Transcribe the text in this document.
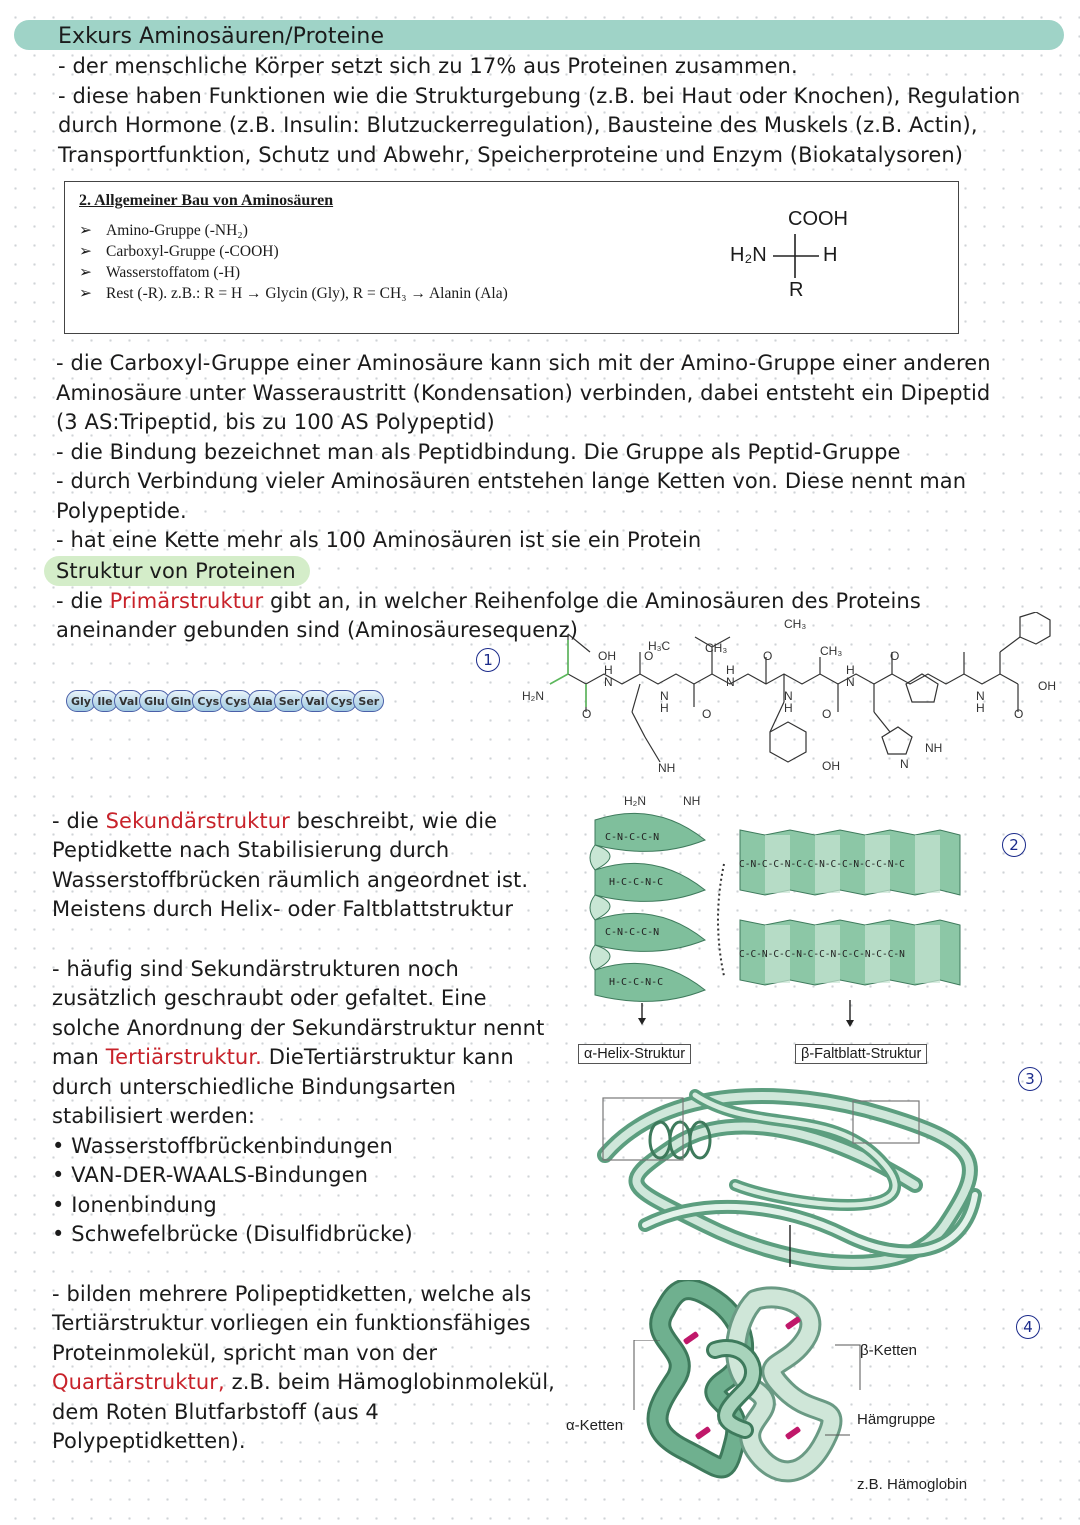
Exkurs Aminosäuren/Proteine
- der menschliche Körper setzt sich zu 17% aus Proteinen zusammen.
- diese haben Funktionen wie die Strukturgebung (z.B. bei Haut oder Knochen), Regulation
durch Hormone (z.B. Insulin: Blutzuckerregulation), Bausteine des Muskels (z.B. Actin),
Transportfunktion, Schutz und Abwehr, Speicherproteine und Enzym (Biokatalysoren)
2. Allgemeiner Bau von Aminosäuren
➢ Amino-Gruppe (-NH₂)
➢ Carboxyl-Gruppe (-COOH)
➢ Wasserstoffatom (-H)
➢ Rest (-R). z.B.: R = H → Glycin (Gly), R = CH₃ → Alanin (Ala)
COOH
H₂N	H
R
- die Carboxyl-Gruppe einer Aminosäure kann sich mit der Amino-Gruppe einer anderen
Aminosäure unter Wasseraustritt (Kondensation) verbinden, dabei entsteht ein Dipeptid
(3 AS:Tripeptid, bis zu 100 AS Polypeptid)
- die Bindung bezeichnet man als Peptidbindung. Die Gruppe als Peptid-Gruppe
- durch Verbindung vieler Aminosäuren entstehen lange Ketten von. Diese nennt man
Polypeptide.
- hat eine Kette mehr als 100 Aminosäuren ist sie ein Protein
Struktur von Proteinen
- die Primärstruktur gibt an, in welcher Reihenfolge die Aminosäuren des Proteins
aneinander gebunden sind (Aminosäuresequenz)
1
Gly Ile Val Glu Gln Cys Cys Ala Ser Val Cys Ser	H₂N
OH
H₃C	CH₃
CH₃
CH₃
OH
NH
H₂N	NH
OH
NH
N
O
O
O
O
O
O
O
H
H
H
H
H
H
N
N
N
N
N
N
- die Sekundärstruktur beschreibt, wie die
Peptidkette nach Stabilisierung durch
Wasserstoffbrücken räumlich angeordnet ist.
Meistens durch Helix- oder Faltblattstruktur
2
C-N-C-C-N
H-C-C-N-C
C-N-C-C-N
H-C-C-N-C
C-N-C-C-N-C-C-N-C-C-N-C-C-N-C
C-C-N-C-C-N-C-C-N-C-C-N-C-C-N
α-Helix-Struktur	β-Faltblatt-Struktur
- häufig sind Sekundärstrukturen noch
zusätzlich geschraubt oder gefaltet. Eine
solche Anordnung der Sekundärstruktur nennt
man Tertiärstruktur. DieTertiärstruktur kann
durch unterschiedliche Bindungsarten
stabilisiert werden:
• Wasserstoffbrückenbindungen
• VAN-DER-WAALS-Bindungen
• Ionenbindung
• Schwefelbrücke (Disulfidbrücke)
3
- bilden mehrere Polipeptidketten, welche als
Tertiärstruktur vorliegen ein funktionsfähiges
Proteinmolekül, spricht man von der
Quartärstruktur, z.B. beim Hämoglobinmolekül,
dem Roten Blutfarbstoff (aus 4
Polypeptidketten).
4
β-Ketten
α-Ketten	Hämgruppe
z.B. Hämoglobin
